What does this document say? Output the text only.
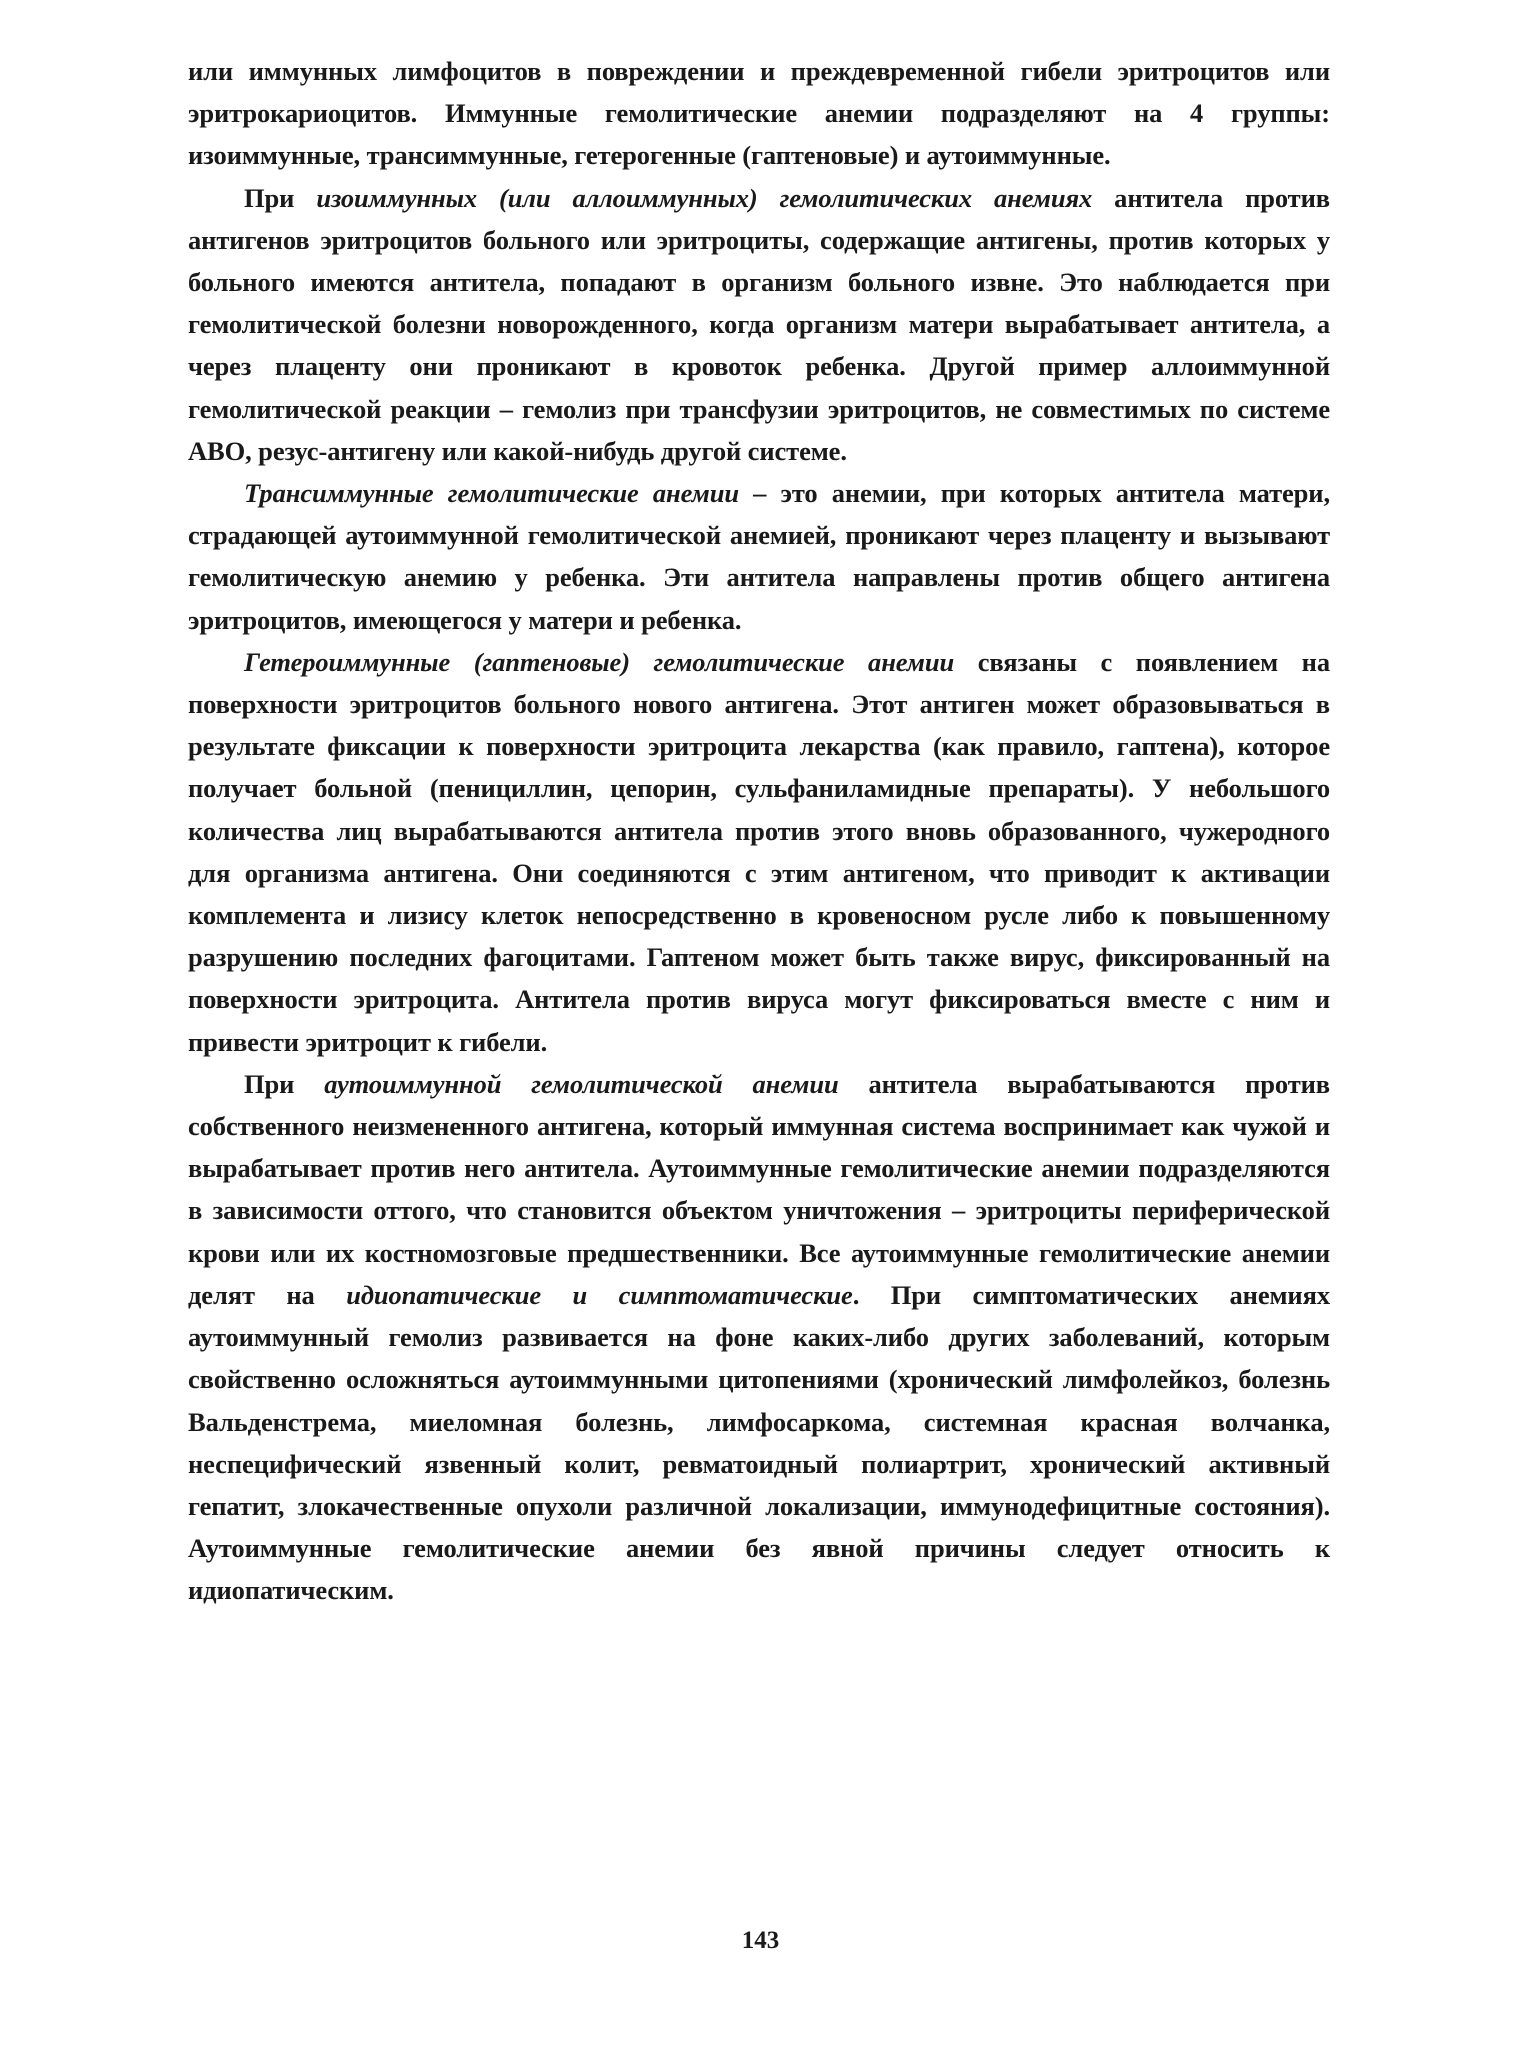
или иммунных лимфоцитов в повреждении и преждевременной гибели эритроцитов или эритрокариоцитов. Иммунные гемолитические анемии подразделяют на 4 группы: изоиммунные, трансиммунные, гетерогенные (гаптеновые) и аутоиммунные.

При изоиммунных (или аллоиммунных) гемолитических анемиях антитела против антигенов эритроцитов больного или эритроциты, содержащие антигены, против которых у больного имеются антитела, попадают в организм больного извне. Это наблюдается при гемолитической болезни новорожденного, когда организм матери вырабатывает антитела, а через плаценту они проникают в кровоток ребенка. Другой пример аллоиммунной гемолитической реакции – гемолиз при трансфузии эритроцитов, не совместимых по системе АВО, резус-антигену или какой-нибудь другой системе.

Трансиммунные гемолитические анемии – это анемии, при которых антитела матери, страдающей аутоиммунной гемолитической анемией, проникают через плаценту и вызывают гемолитическую анемию у ребенка. Эти антитела направлены против общего антигена эритроцитов, имеющегося у матери и ребенка.

Гетероиммунные (гаптеновые) гемолитические анемии связаны с появлением на поверхности эритроцитов больного нового антигена. Этот антиген может образовываться в результате фиксации к поверхности эритроцита лекарства (как правило, гаптена), которое получает больной (пенициллин, цепорин, сульфаниламидные препараты). У небольшого количества лиц вырабатываются антитела против этого вновь образованного, чужеродного для организма антигена. Они соединяются с этим антигеном, что приводит к активации комплемента и лизису клеток непосредственно в кровеносном русле либо к повышенному разрушению последних фагоцитами. Гаптеном может быть также вирус, фиксированный на поверхности эритроцита. Антитела против вируса могут фиксироваться вместе с ним и привести эритроцит к гибели.

При аутоиммунной гемолитической анемии антитела вырабатываются против собственного неизмененного антигена, который иммунная система воспринимает как чужой и вырабатывает против него антитела. Аутоиммунные гемолитические анемии подразделяются в зависимости оттого, что становится объектом уничтожения – эритроциты периферической крови или их костномозговые предшественники. Все аутоиммунные гемолитические анемии делят на идиопатические и симптоматические. При симптоматических анемиях аутоиммунный гемолиз развивается на фоне каких-либо других заболеваний, которым свойственно осложняться аутоиммунными цитопениями (хронический лимфолейкоз, болезнь Вальденстрема, миеломная болезнь, лимфосаркома, системная красная волчанка, неспецифический язвенный колит, ревматоидный полиартрит, хронический активный гепатит, злокачественные опухоли различной локализации, иммунодефицитные состояния). Аутоиммунные гемолитические анемии без явной причины следует относить к идиопатическим.

143
